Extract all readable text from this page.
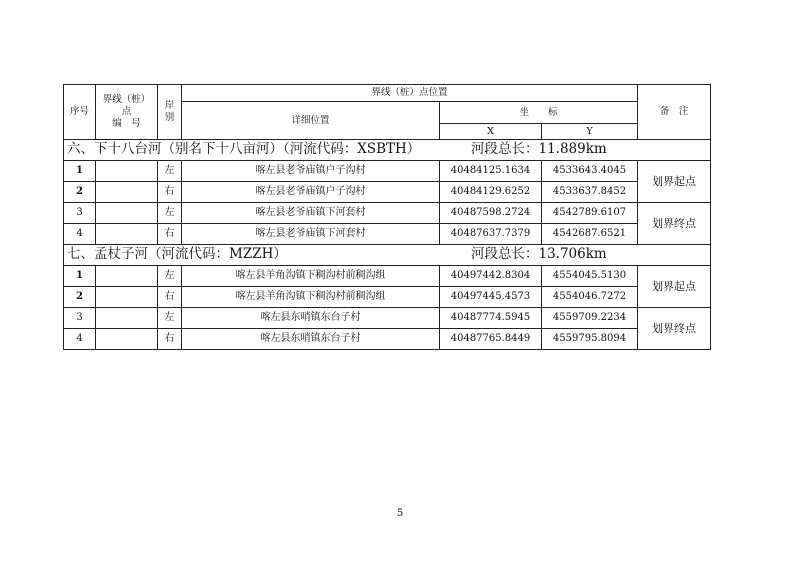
序号	界线（桩）
点
编　号	岸别	界线（桩）点位置			备　注
			详细位置	坐　　标		
				X	Y	

六、下十八台河（别名下十八亩河）（河流代码：XSBTH） 河段总长：11.889km						

1		左	喀左县老爷庙镇户子沟村	40484125.1634	4533643.4045	划界起点
2		右	喀左县老爷庙镇户子沟村	40484129.6252	4533637.8452	
3		左	喀左县老爷庙镇下河套村	40487598.2724	4542789.6107	划界终点
4		右	喀左县老爷庙镇下河套村	40487637.7379	4542687.6521	

七、孟杖子河（河流代码：MZZH） 河段总长：13.706km						

1		左	喀左县羊角沟镇下稠沟村前稠沟组	40497442.8304	4554045.5130	划界起点
2		右	喀左县羊角沟镇下稠沟村前稠沟组	40497445.4573	4554046.7272	
3		左	喀左县东哨镇东台子村	40487774.5945	4559709.2234	划界终点
4		右	喀左县东哨镇东台子村	40487765.8449	4559795.8094	
5
